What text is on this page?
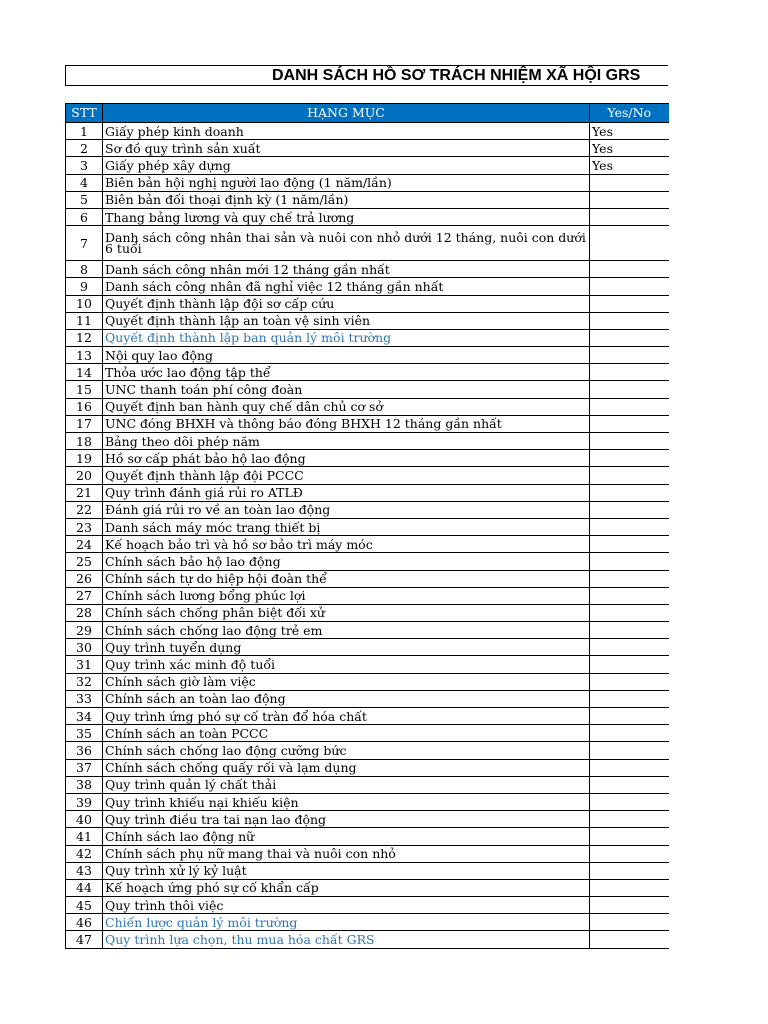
DANH SÁCH HỒ SƠ TRÁCH NHIỆM XÃ HỘI GRS
STT	HẠNG MỤC	Yes/No
1	Giấy phép kinh doanh	Yes
2	Sơ đồ quy trình sản xuất	Yes
3	Giấy phép xây dựng	Yes
4	Biên bản hội nghị người lao động (1 năm/lần)	
5	Biên bản đối thoại định kỳ (1 năm/lần)	
6	Thang bảng lương và quy chế trả lương	
7	Danh sách công nhân thai sản và nuôi con nhỏ dưới 12 tháng, nuôi con dưới 6 tuổi	
8	Danh sách công nhân mới 12 tháng gần nhất	
9	Danh sách công nhân đã nghỉ việc 12 tháng gần nhất	
10	Quyết định thành lập đội sơ cấp cứu	
11	Quyết định thành lập an toàn vệ sinh viên	
12	Quyết định thành lập ban quản lý môi trường	
13	Nội quy lao động	
14	Thỏa ước lao động tập thể	
15	UNC thanh toán phí công đoàn	
16	Quyết định ban hành quy chế dân chủ cơ sở	
17	UNC đóng BHXH và thông báo đóng BHXH 12 tháng gần nhất	
18	Bảng theo dõi phép năm	
19	Hồ sơ cấp phát bảo hộ lao động	
20	Quyết định thành lập đội PCCC	
21	Quy trình đánh giá rủi ro ATLĐ	
22	Đánh giá rủi ro về an toàn lao động	
23	Danh sách máy móc trang thiết bị	
24	Kế hoạch bảo trì và hồ sơ bảo trì máy móc	
25	Chính sách bảo hộ lao động	
26	Chính sách tự do hiệp hội đoàn thể	
27	Chính sách lương bổng phúc lợi	
28	Chính sách chống phân biệt đối xử	
29	Chính sách chống lao động trẻ em	
30	Quy trình tuyển dụng	
31	Quy trình xác minh độ tuổi	
32	Chính sách giờ làm việc	
33	Chính sách an toàn lao động	
34	Quy trình ứng phó sự cố tràn đổ hóa chất	
35	Chính sách an toàn PCCC	
36	Chính sách chống lao động cưỡng bức	
37	Chính sách chống quấy rối và lạm dụng	
38	Quy trình quản lý chất thải	
39	Quy trình khiếu nại khiếu kiện	
40	Quy trình điều tra tai nạn lao động	
41	Chính sách lao động nữ	
42	Chính sách phụ nữ mang thai và nuôi con nhỏ	
43	Quy trình xử lý kỷ luật	
44	Kế hoạch ứng phó sự cố khẩn cấp	
45	Quy trình thôi việc	
46	Chiến lược quản lý môi trường	
47	Quy trình lựa chọn, thu mua hóa chất GRS	
